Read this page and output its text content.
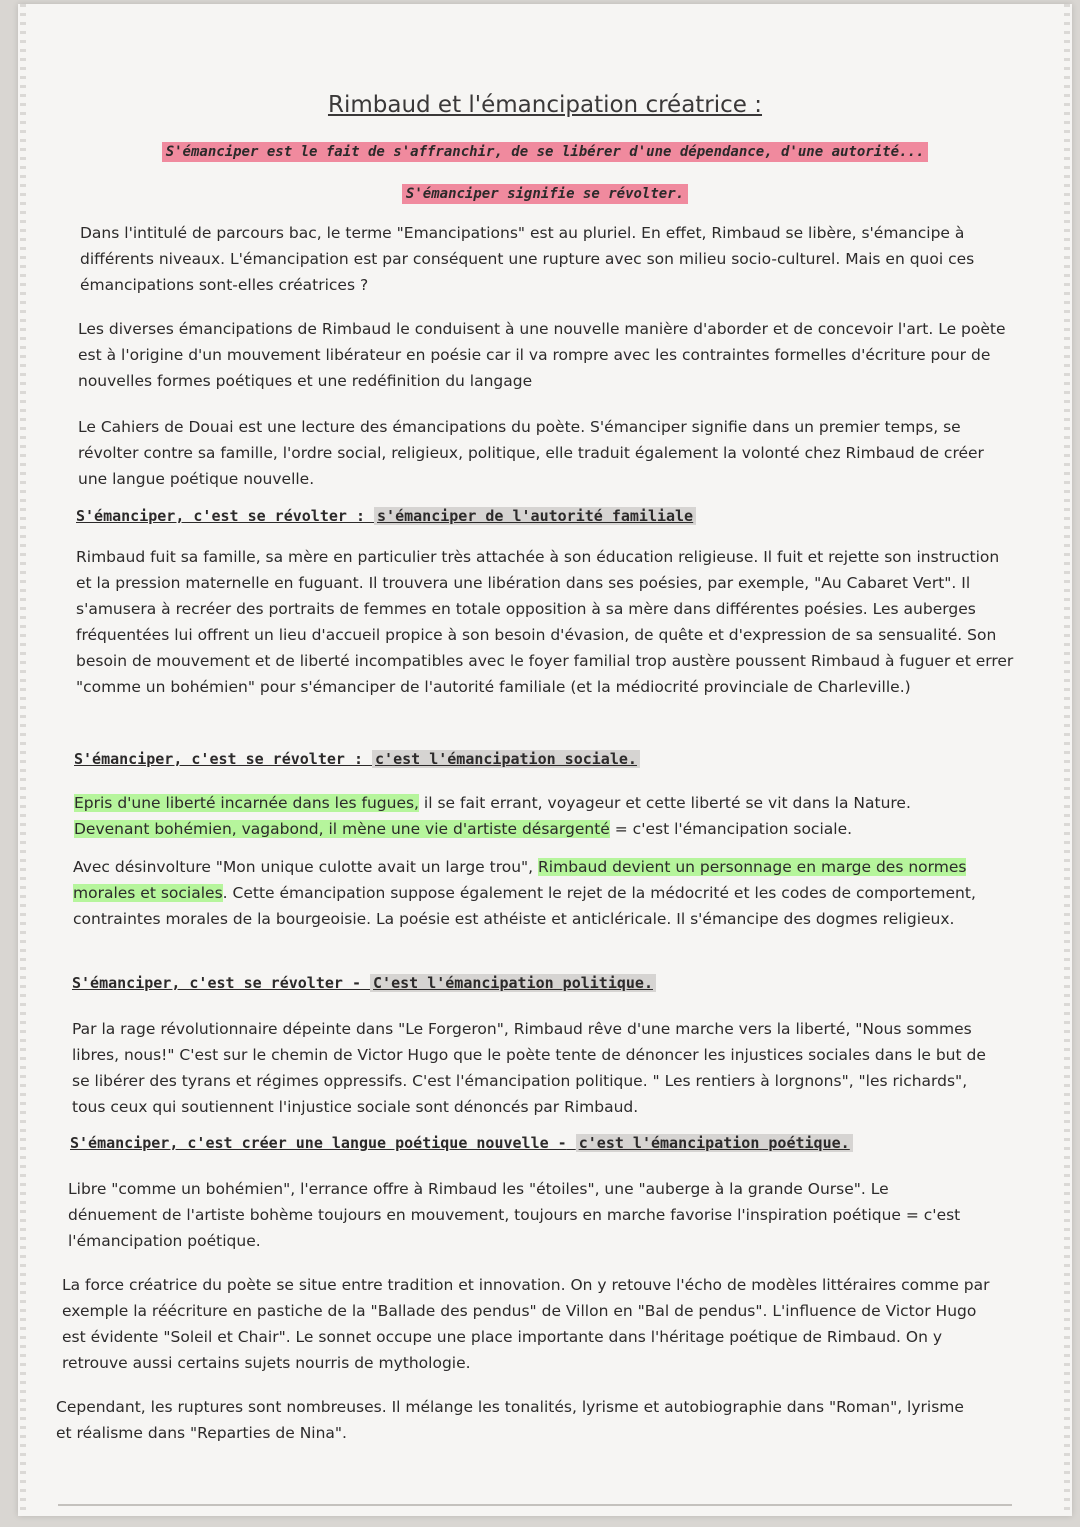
Rimbaud et l'émancipation créatrice :
S'émanciper est le fait de s'affranchir, de se libérer d'une dépendance, d'une autorité...
S'émanciper signifie se révolter.

Dans l'intitulé de parcours bac, le terme "Emancipations" est au pluriel. En effet, Rimbaud se libère, s'émancipe à différents niveaux. L'émancipation est par conséquent une rupture avec son milieu socio-culturel. Mais en quoi ces émancipations sont-elles créatrices ?

Les diverses émancipations de Rimbaud le conduisent à une nouvelle manière d'aborder et de concevoir l'art. Le poète est à l'origine d'un mouvement libérateur en poésie car il va rompre avec les contraintes formelles d'écriture pour de nouvelles formes poétiques et une redéfinition du langage

Le Cahiers de Douai est une lecture des émancipations du poète. S'émanciper signifie dans un premier temps, se révolter contre sa famille, l'ordre social, religieux, politique, elle traduit également la volonté chez Rimbaud de créer une langue poétique nouvelle.

S'émanciper, c'est se révolter : s'émanciper de l'autorité familiale

Rimbaud fuit sa famille, sa mère en particulier très attachée à son éducation religieuse. Il fuit et rejette son instruction et la pression maternelle en fuguant. Il trouvera une libération dans ses poésies, par exemple, "Au Cabaret Vert". Il s'amusera à recréer des portraits de femmes en totale opposition à sa mère dans différentes poésies. Les auberges fréquentées lui offrent un lieu d'accueil propice à son besoin d'évasion, de quête et d'expression de sa sensualité. Son besoin de mouvement et de liberté incompatibles avec le foyer familial trop austère poussent Rimbaud à fuguer et errer "comme un bohémien" pour s'émanciper de l'autorité familiale (et la médiocrité provinciale de Charleville.)

S'émanciper, c'est se révolter : c'est l'émancipation sociale.

Epris d'une liberté incarnée dans les fugues, il se fait errant, voyageur et cette liberté se vit dans la Nature.
Devenant bohémien, vagabond, il mène une vie d'artiste désargenté = c'est l'émancipation sociale.

Avec désinvolture "Mon unique culotte avait un large trou", Rimbaud devient un personnage en marge des normes morales et sociales. Cette émancipation suppose également le rejet de la médocrité et les codes de comportement, contraintes morales de la bourgeoisie. La poésie est athéiste et anticléricale. Il s'émancipe des dogmes religieux.

S'émanciper, c'est se révolter - C'est l'émancipation politique.

Par la rage révolutionnaire dépeinte dans "Le Forgeron", Rimbaud rêve d'une marche vers la liberté, "Nous sommes libres, nous!" C'est sur le chemin de Victor Hugo que le poète tente de dénoncer les injustices sociales dans le but de se libérer des tyrans et régimes oppressifs. C'est l'émancipation politique. " Les rentiers à lorgnons", "les richards", tous ceux qui soutiennent l'injustice sociale sont dénoncés par Rimbaud.

S'émanciper, c'est créer une langue poétique nouvelle - c'est l'émancipation poétique.

Libre "comme un bohémien", l'errance offre à Rimbaud les "étoiles", une "auberge à la grande Ourse". Le dénuement de l'artiste bohème toujours en mouvement, toujours en marche favorise l'inspiration poétique = c'est l'émancipation poétique.

La force créatrice du poète se situe entre tradition et innovation. On y retouve l'écho de modèles littéraires comme par exemple la réécriture en pastiche de la "Ballade des pendus" de Villon en "Bal de pendus". L'influence de Victor Hugo est évidente "Soleil et Chair". Le sonnet occupe une place importante dans l'héritage poétique de Rimbaud. On y retrouve aussi certains sujets nourris de mythologie.

Cependant, les ruptures sont nombreuses. Il mélange les tonalités, lyrisme et autobiographie dans "Roman", lyrisme et réalisme dans "Reparties de Nina".
